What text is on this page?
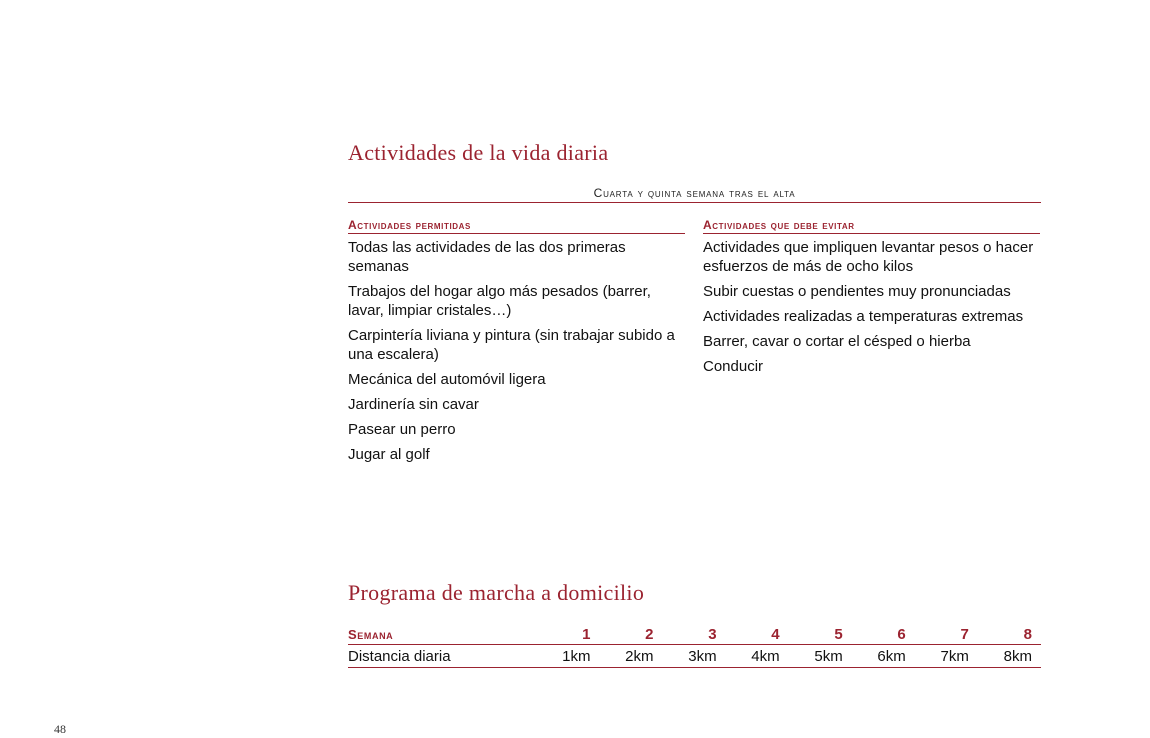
Actividades de la vida diaria
Cuarta y quinta semana tras el alta
Actividades permitidas
Todas las actividades de las dos primeras semanas
Trabajos del hogar algo más pesados (barrer, lavar, limpiar cristales…)
Carpintería liviana y pintura (sin trabajar subido a una escalera)
Mecánica del automóvil ligera
Jardinería sin cavar
Pasear un perro
Jugar al golf
Actividades que debe evitar
Actividades que impliquen levantar pesos o hacer esfuerzos de más de ocho kilos
Subir cuestas o pendientes muy pronunciadas
Actividades realizadas a temperaturas extremas
Barrer, cavar o cortar el césped o hierba
Conducir
Programa de marcha a domicilio
Semana	1	2	3	4	5	6	7	8
Distancia diaria	1km	2km	3km	4km	5km	6km	7km	8km
48
